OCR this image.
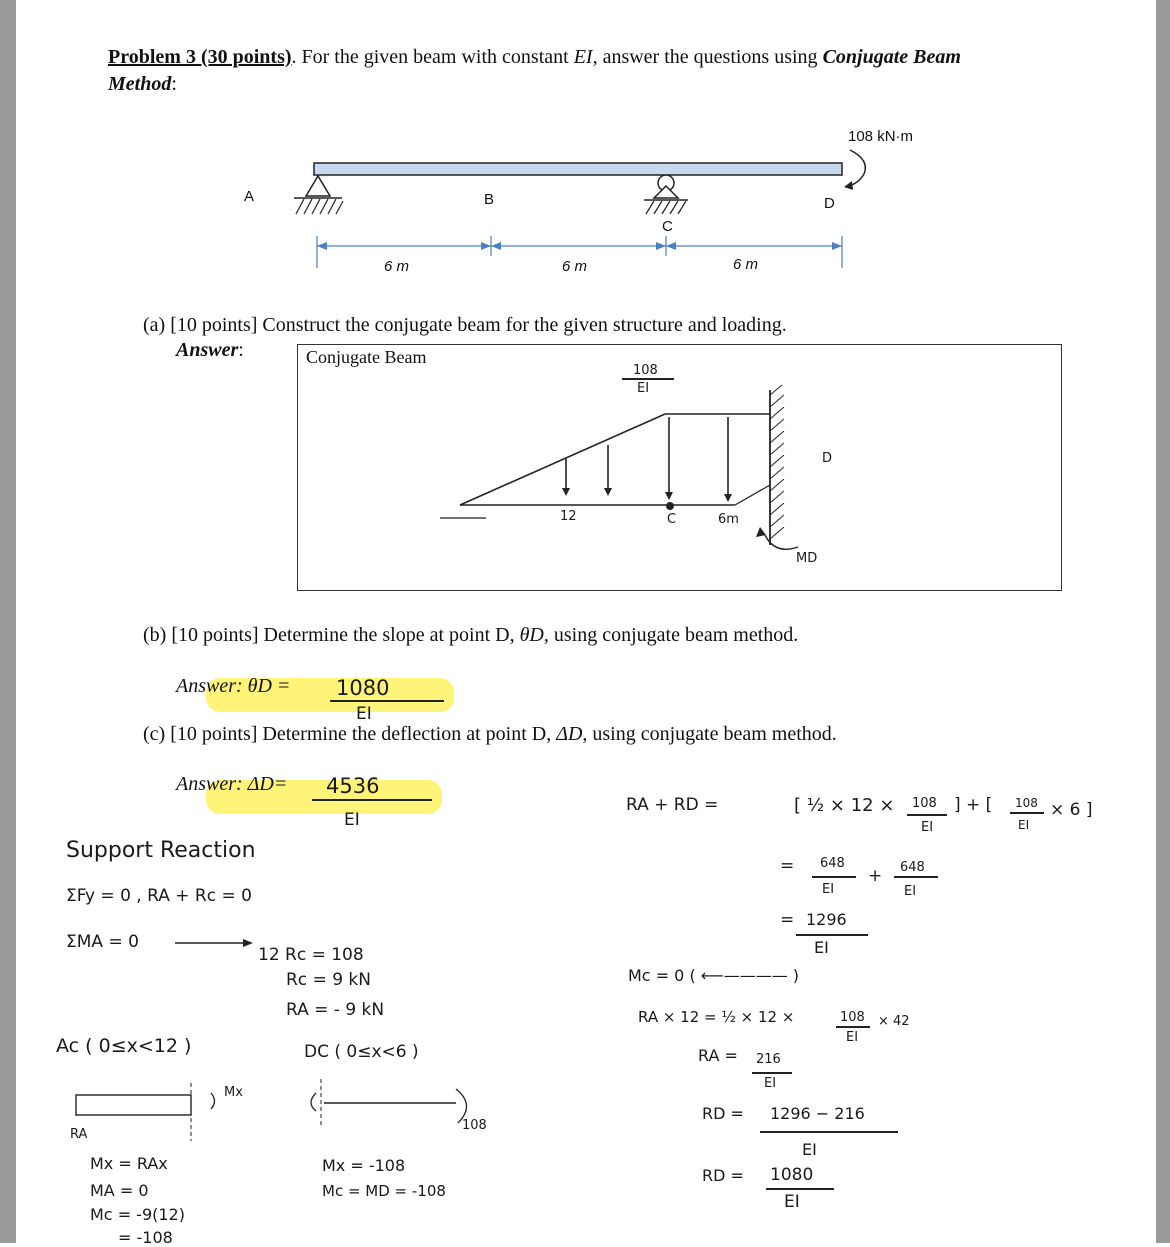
Problem 3 (30 points). For the given beam with constant EI, answer the questions using Conjugate Beam
Method:
108 kN·m
A	B
C
D
6 m	6 m	6 m
(a) [10 points] Construct the conjugate beam for the given structure and loading.
Answer:	Conjugate Beam
108
EI
12	C	6m
D
MD
(b) [10 points] Determine the slope at point D, θD, using conjugate beam method.
Answer: θD = 1080
EI
(c) [10 points] Determine the deflection at point D, ΔD, using conjugate beam method.
Answer: ΔD= 4536
EI
Support Reaction
ΣFy = 0 , RA + Rc = 0
ΣMA = 0
12 Rc = 108
Rc = 9 kN
RA = - 9 kN
Ac ( 0≤x<12 )	DC ( 0≤x<6 )
Mx
RA
108
Mx = RAx
MA = 0
Mc = -9(12)
= -108
Mx = -108
Mc = MD = -108
RA + RD =	[ ½ × 12 × 108
EI
] + [ 108
EI
× 6 ]
= 648
EI
+ 648
EI
= 1296
EI
Mc = 0 ( ⟵———— )
RA × 12 = ½ × 12 ×	108
EI
× 42
RA = 216
EI
RD = 1296 − 216
EI
RD = 1080
EI
